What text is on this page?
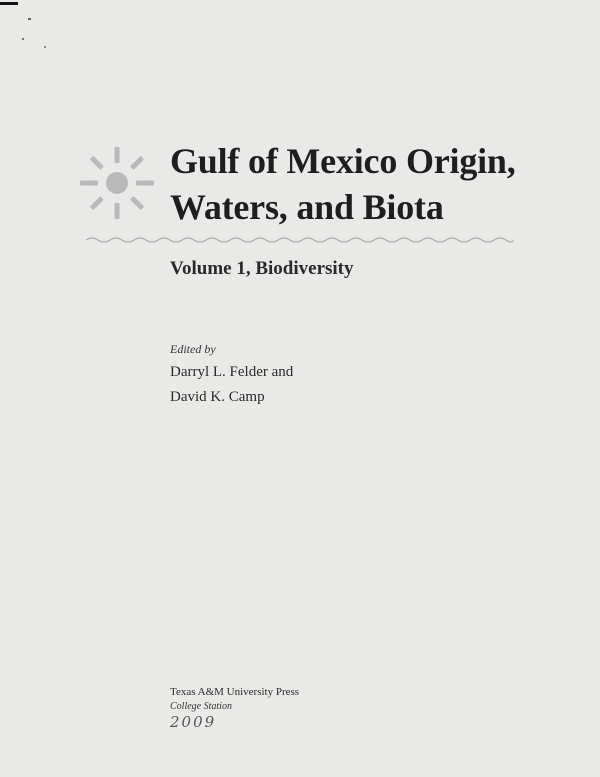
Gulf of Mexico Origin,
Waters, and Biota
Volume 1, Biodiversity
Edited by
Darryl L. Felder and
David K. Camp
Texas A&M University Press
College Station
2009
